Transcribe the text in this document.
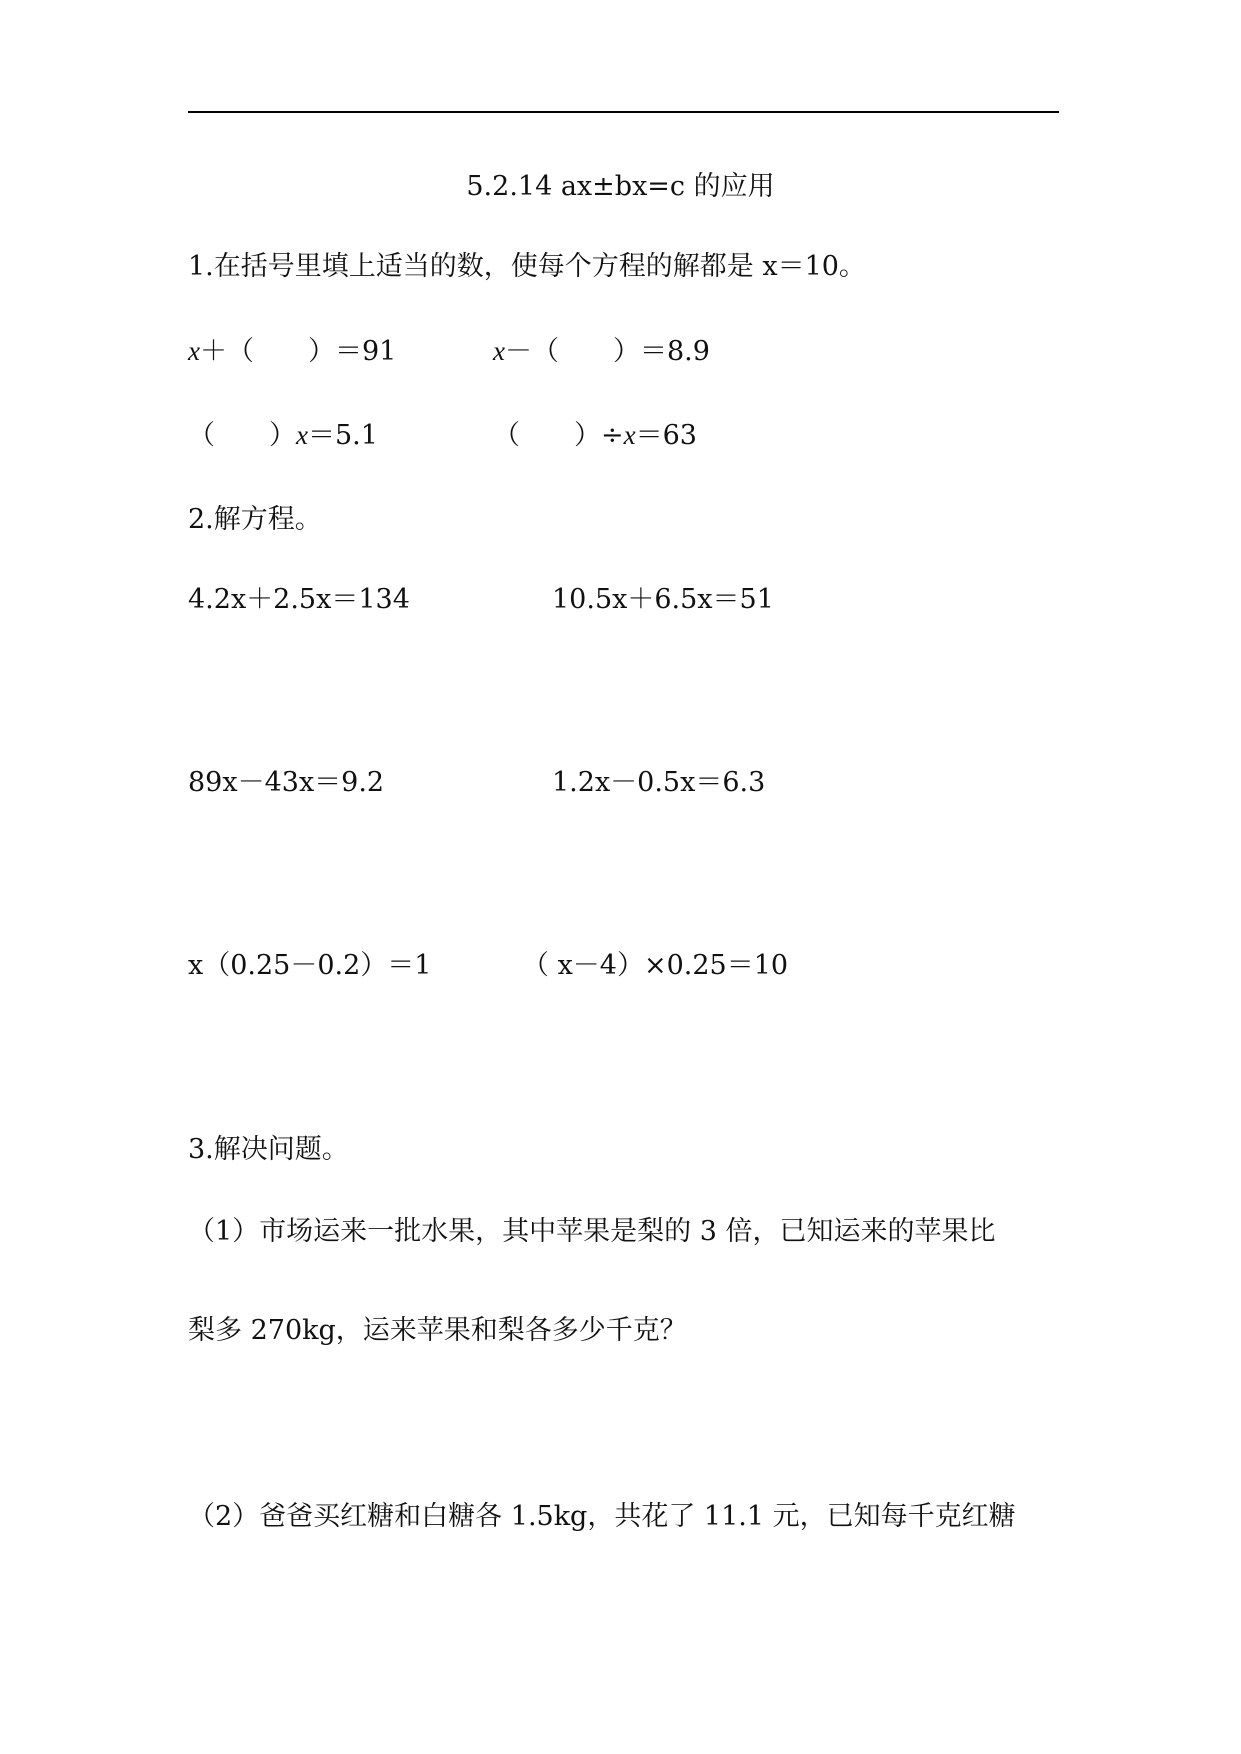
5.2.14 ax±bx=c 的应用
1.在括号里填上适当的数，使每个方程的解都是 x＝10。
x＋（　　）＝91	x－（　　）＝8.9
（　　）x＝5.1	（　　）÷x＝63
2.解方程。
4.2x＋2.5x＝134	10.5x＋6.5x＝51
89x－43x＝9.2	1.2x－0.5x＝6.3
x（0.25－0.2）＝1	（ x－4）×0.25＝10
3.解决问题。
（1）市场运来一批水果，其中苹果是梨的 3 倍，已知运来的苹果比
梨多 270kg，运来苹果和梨各多少千克？
（2）爸爸买红糖和白糖各 1.5kg，共花了 11.1 元，已知每千克红糖
